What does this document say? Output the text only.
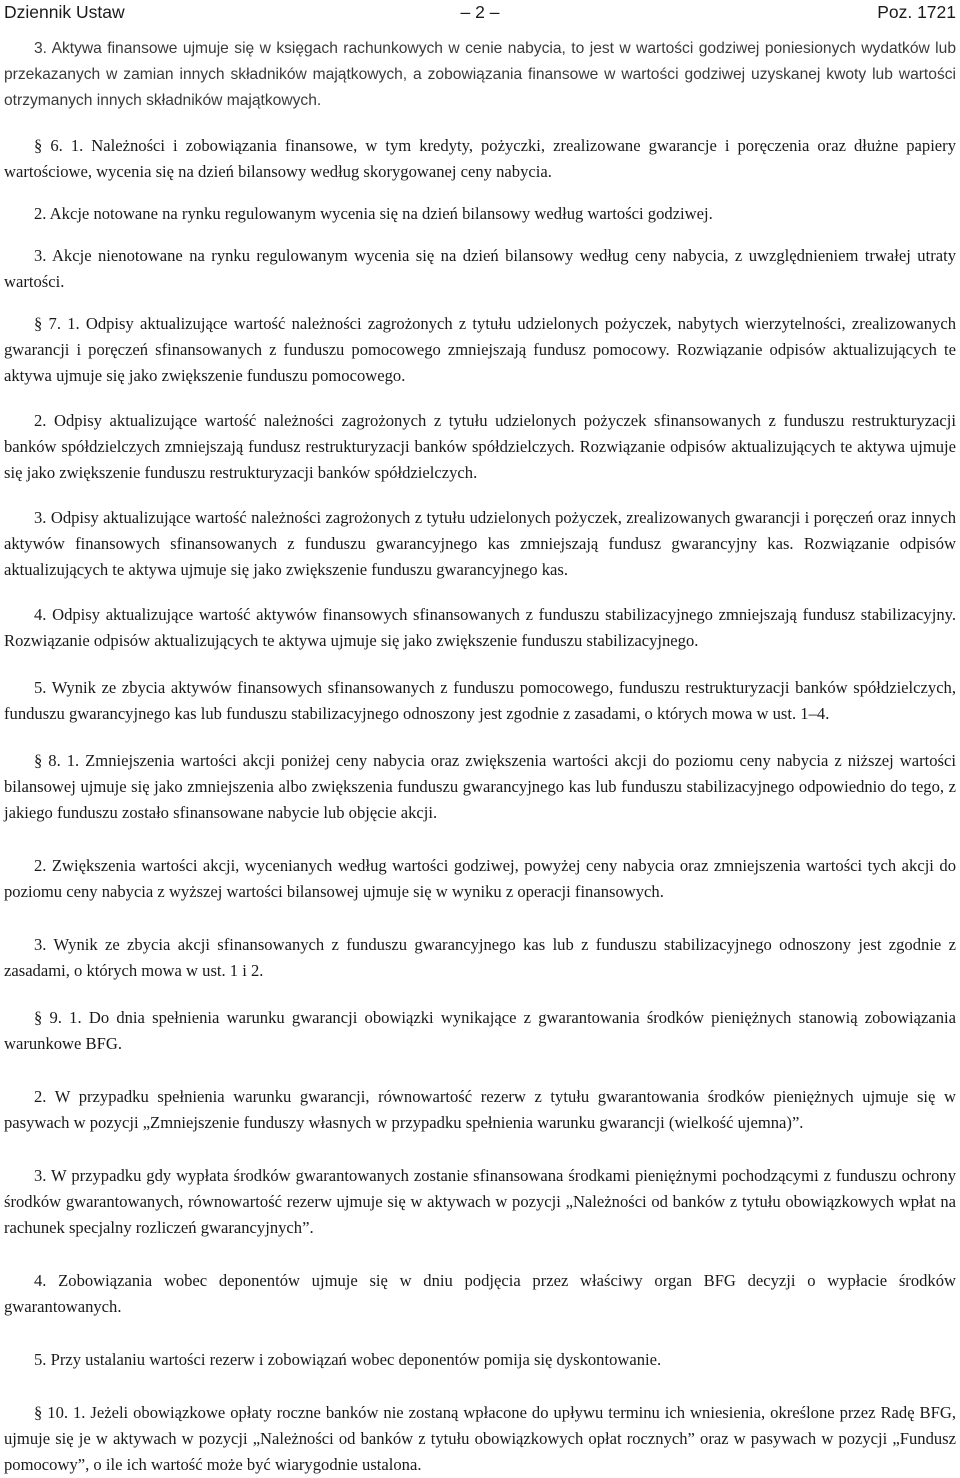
Dziennik Ustaw	– 2 –	Poz. 1721

3. Aktywa finansowe ujmuje się w księgach rachunkowych w cenie nabycia, to jest w wartości godziwej poniesionych wydatków lub przekazanych w zamian innych składników majątkowych, a zobowiązania finansowe w wartości godziwej uzyskanej kwoty lub wartości otrzymanych innych składników majątkowych.

§ 6. 1. Należności i zobowiązania finansowe, w tym kredyty, pożyczki, zrealizowane gwarancje i poręczenia oraz dłużne papiery wartościowe, wycenia się na dzień bilansowy według skorygowanej ceny nabycia.

2. Akcje notowane na rynku regulowanym wycenia się na dzień bilansowy według wartości godziwej.

3. Akcje nienotowane na rynku regulowanym wycenia się na dzień bilansowy według ceny nabycia, z uwzględnieniem trwałej utraty wartości.

§ 7. 1. Odpisy aktualizujące wartość należności zagrożonych z tytułu udzielonych pożyczek, nabytych wierzytelności, zrealizowanych gwarancji i poręczeń sfinansowanych z funduszu pomocowego zmniejszają fundusz pomocowy. Rozwiązanie odpisów aktualizujących te aktywa ujmuje się jako zwiększenie funduszu pomocowego.

2. Odpisy aktualizujące wartość należności zagrożonych z tytułu udzielonych pożyczek sfinansowanych z funduszu restrukturyzacji banków spółdzielczych zmniejszają fundusz restrukturyzacji banków spółdzielczych. Rozwiązanie odpisów aktualizujących te aktywa ujmuje się jako zwiększenie funduszu restrukturyzacji banków spółdzielczych.

3. Odpisy aktualizujące wartość należności zagrożonych z tytułu udzielonych pożyczek, zrealizowanych gwarancji i poręczeń oraz innych aktywów finansowych sfinansowanych z funduszu gwarancyjnego kas zmniejszają fundusz gwarancyjny kas. Rozwiązanie odpisów aktualizujących te aktywa ujmuje się jako zwiększenie funduszu gwarancyjnego kas.

4. Odpisy aktualizujące wartość aktywów finansowych sfinansowanych z funduszu stabilizacyjnego zmniejszają fundusz stabilizacyjny. Rozwiązanie odpisów aktualizujących te aktywa ujmuje się jako zwiększenie funduszu stabilizacyjnego.

5. Wynik ze zbycia aktywów finansowych sfinansowanych z funduszu pomocowego, funduszu restrukturyzacji banków spółdzielczych, funduszu gwarancyjnego kas lub funduszu stabilizacyjnego odnoszony jest zgodnie z zasadami, o których mowa w ust. 1–4.

§ 8. 1. Zmniejszenia wartości akcji poniżej ceny nabycia oraz zwiększenia wartości akcji do poziomu ceny nabycia z niższej wartości bilansowej ujmuje się jako zmniejszenia albo zwiększenia funduszu gwarancyjnego kas lub funduszu stabilizacyjnego odpowiednio do tego, z jakiego funduszu zostało sfinansowane nabycie lub objęcie akcji.

2. Zwiększenia wartości akcji, wycenianych według wartości godziwej, powyżej ceny nabycia oraz zmniejszenia wartości tych akcji do poziomu ceny nabycia z wyższej wartości bilansowej ujmuje się w wyniku z operacji finansowych.

3. Wynik ze zbycia akcji sfinansowanych z funduszu gwarancyjnego kas lub z funduszu stabilizacyjnego odnoszony jest zgodnie z zasadami, o których mowa w ust. 1 i 2.

§ 9. 1. Do dnia spełnienia warunku gwarancji obowiązki wynikające z gwarantowania środków pieniężnych stanowią zobowiązania warunkowe BFG.

2. W przypadku spełnienia warunku gwarancji, równowartość rezerw z tytułu gwarantowania środków pieniężnych ujmuje się w pasywach w pozycji „Zmniejszenie funduszy własnych w przypadku spełnienia warunku gwarancji (wielkość ujemna)”.

3. W przypadku gdy wypłata środków gwarantowanych zostanie sfinansowana środkami pieniężnymi pochodzącymi z funduszu ochrony środków gwarantowanych, równowartość rezerw ujmuje się w aktywach w pozycji „Należności od banków z tytułu obowiązkowych wpłat na rachunek specjalny rozliczeń gwarancyjnych”.

4. Zobowiązania wobec deponentów ujmuje się w dniu podjęcia przez właściwy organ BFG decyzji o wypłacie środków gwarantowanych.

5. Przy ustalaniu wartości rezerw i zobowiązań wobec deponentów pomija się dyskontowanie.

§ 10. 1. Jeżeli obowiązkowe opłaty roczne banków nie zostaną wpłacone do upływu terminu ich wniesienia, określone przez Radę BFG, ujmuje się je w aktywach w pozycji „Należności od banków z tytułu obowiązkowych opłat rocznych” oraz w pasywach w pozycji „Fundusz pomocowy”, o ile ich wartość może być wiarygodnie ustalona.
